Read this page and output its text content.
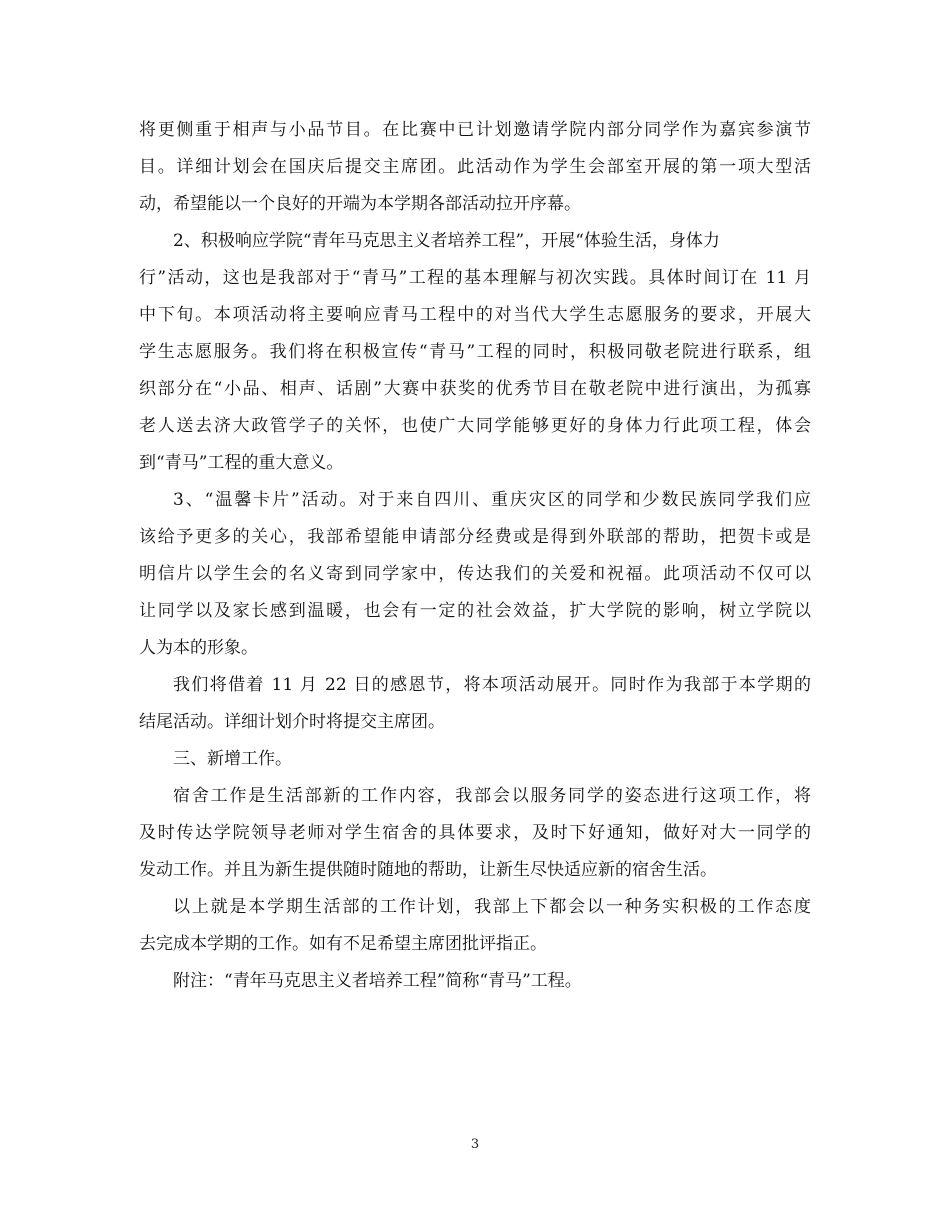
将更侧重于相声与小品节目。在比赛中已计划邀请学院内部分同学作为嘉宾参演节

目。详细计划会在国庆后提交主席团。此活动作为学生会部室开展的第一项大型活

动，希望能以一个良好的开端为本学期各部活动拉开序幕。

2、积极响应学院“青年马克思主义者培养工程”，开展“体验生活，身体力

行”活动，这也是我部对于“青马”工程的基本理解与初次实践。具体时间订在 11 月

中下旬。本项活动将主要响应青马工程中的对当代大学生志愿服务的要求，开展大

学生志愿服务。我们将在积极宣传“青马”工程的同时，积极同敬老院进行联系，组

织部分在“小品、相声、话剧”大赛中获奖的优秀节目在敬老院中进行演出，为孤寡

老人送去济大政管学子的关怀，也使广大同学能够更好的身体力行此项工程，体会

到“青马”工程的重大意义。

3、“温馨卡片”活动。对于来自四川、重庆灾区的同学和少数民族同学我们应

该给予更多的关心，我部希望能申请部分经费或是得到外联部的帮助，把贺卡或是

明信片以学生会的名义寄到同学家中，传达我们的关爱和祝福。此项活动不仅可以

让同学以及家长感到温暖，也会有一定的社会效益，扩大学院的影响，树立学院以

人为本的形象。

我们将借着 11 月 22 日的感恩节，将本项活动展开。同时作为我部于本学期的

结尾活动。详细计划介时将提交主席团。

三、新增工作。

宿舍工作是生活部新的工作内容，我部会以服务同学的姿态进行这项工作，将

及时传达学院领导老师对学生宿舍的具体要求，及时下好通知，做好对大一同学的

发动工作。并且为新生提供随时随地的帮助，让新生尽快适应新的宿舍生活。

以上就是本学期生活部的工作计划，我部上下都会以一种务实积极的工作态度

去完成本学期的工作。如有不足希望主席团批评指正。

附注：“青年马克思主义者培养工程”简称“青马”工程。

3
